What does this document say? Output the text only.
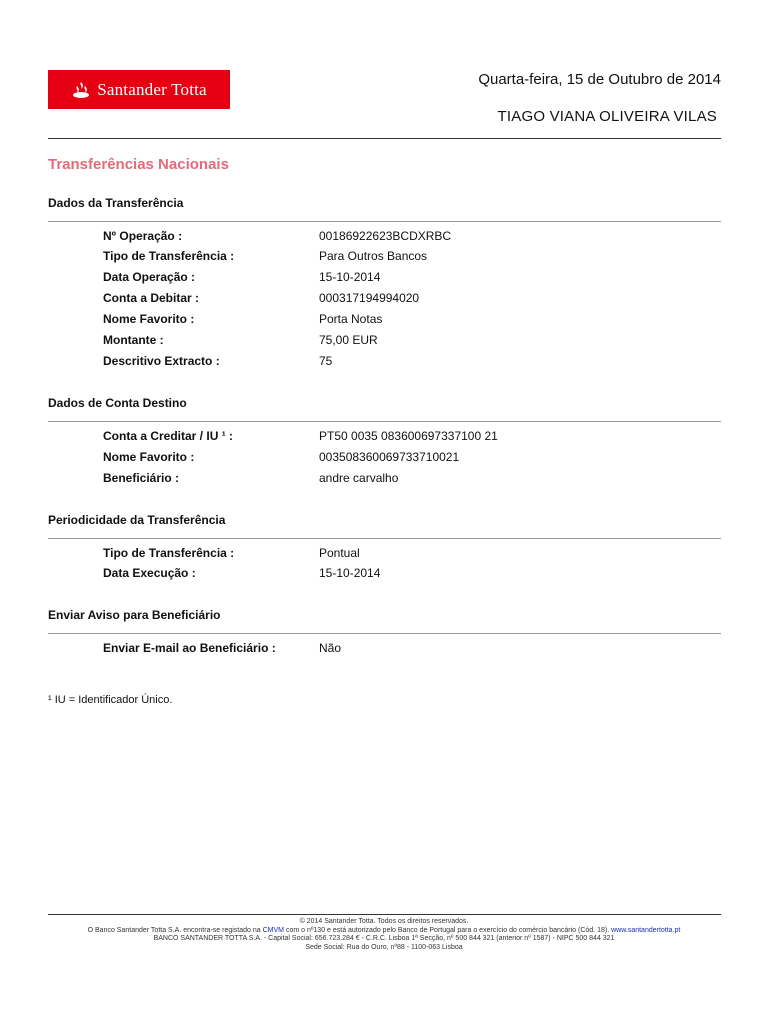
Santander Totta	Quarta-feira, 15 de Outubro de 2014
TIAGO VIANA OLIVEIRA VILAS
Transferências Nacionais
Dados da Transferência
Nº Operação :	00186922623BCDXRBC
Tipo de Transferência :	Para Outros Bancos
Data Operação :	15-10-2014
Conta a Debitar :	000317194994020
Nome Favorito :	Porta Notas
Montante :	75,00 EUR
Descritivo Extracto :	75
Dados de Conta Destino
Conta a Creditar / IU ¹ :	PT50 0035 083600697337100 21
Nome Favorito :	003508360069733710021
Beneficiário :	andre carvalho
Periodicidade da Transferência
Tipo de Transferência :	Pontual
Data Execução :	15-10-2014
Enviar Aviso para Beneficiário
Enviar E-mail ao Beneficiário :	Não
¹ IU = Identificador Único.
© 2014 Santander Totta. Todos os direitos reservados.
O Banco Santander Totta S.A. encontra-se registado na CMVM com o nº130 e está autorizado pelo Banco de Portugal para o exercício do comércio bancário (Cód. 18). www.santandertotta.pt
BANCO SANTANDER TOTTA S.A. - Capital Social: 656.723.284 € - C.R.C. Lisboa 1ª Secção, nº 500 844 321 (anterior nº 1587) - NIPC 500 844 321
Sede Social: Rua do Ouro, nº88 - 1100-063 Lisboa
